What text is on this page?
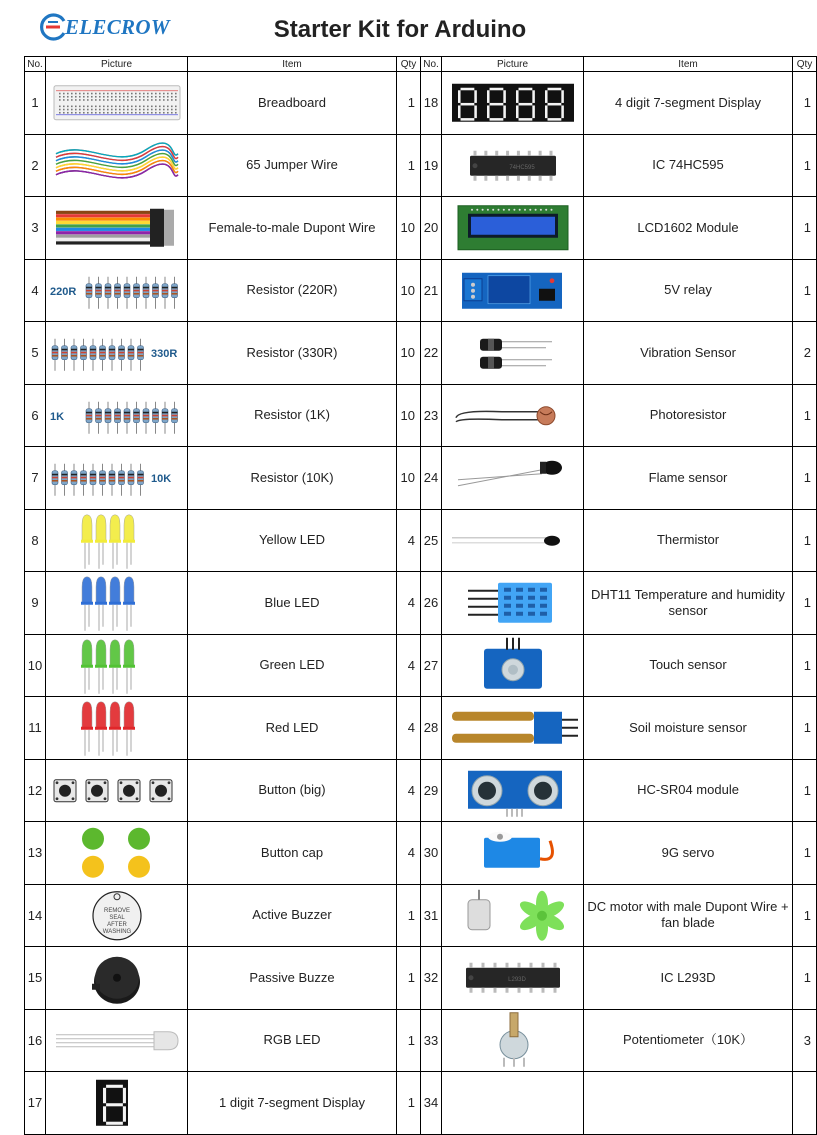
ELECROW	Starter Kit for Arduino
No.	Picture	Item	Qty	No.	Picture	Item	Qty
1		Breadboard	1	18		4 digit 7-segment Display	1
2		65 Jumper Wire	1	19	74HC595	IC 74HC595	1
3		Female-to-male Dupont Wire	10	20		LCD1602 Module	1
4	220R	Resistor (220R)	10	21		5V relay	1
5	330R	Resistor (330R)	10	22		Vibration Sensor	2
6	1K	Resistor (1K)	10	23		Photoresistor	1
7	10K	Resistor (10K)	10	24		Flame sensor	1
8		Yellow LED	4	25		Thermistor	1
9		Blue LED	4	26		DHT11 Temperature and humidity sensor	1
10		Green LED	4	27		Touch sensor	1
11		Red LED	4	28		Soil moisture sensor	1
12		Button (big)	4	29		HC-SR04 module	1
13		Button cap	4	30		9G servo	1
14	REMOVE
SEAL
AFTER
WASHING	Active Buzzer	1	31		DC motor with male Dupont Wire + fan blade	1
15		Passive Buzze	1	32	L293D	IC L293D	1
16		RGB LED	1	33		Potentiometer（10K）	3
17		1 digit 7-segment Display	1	34			
